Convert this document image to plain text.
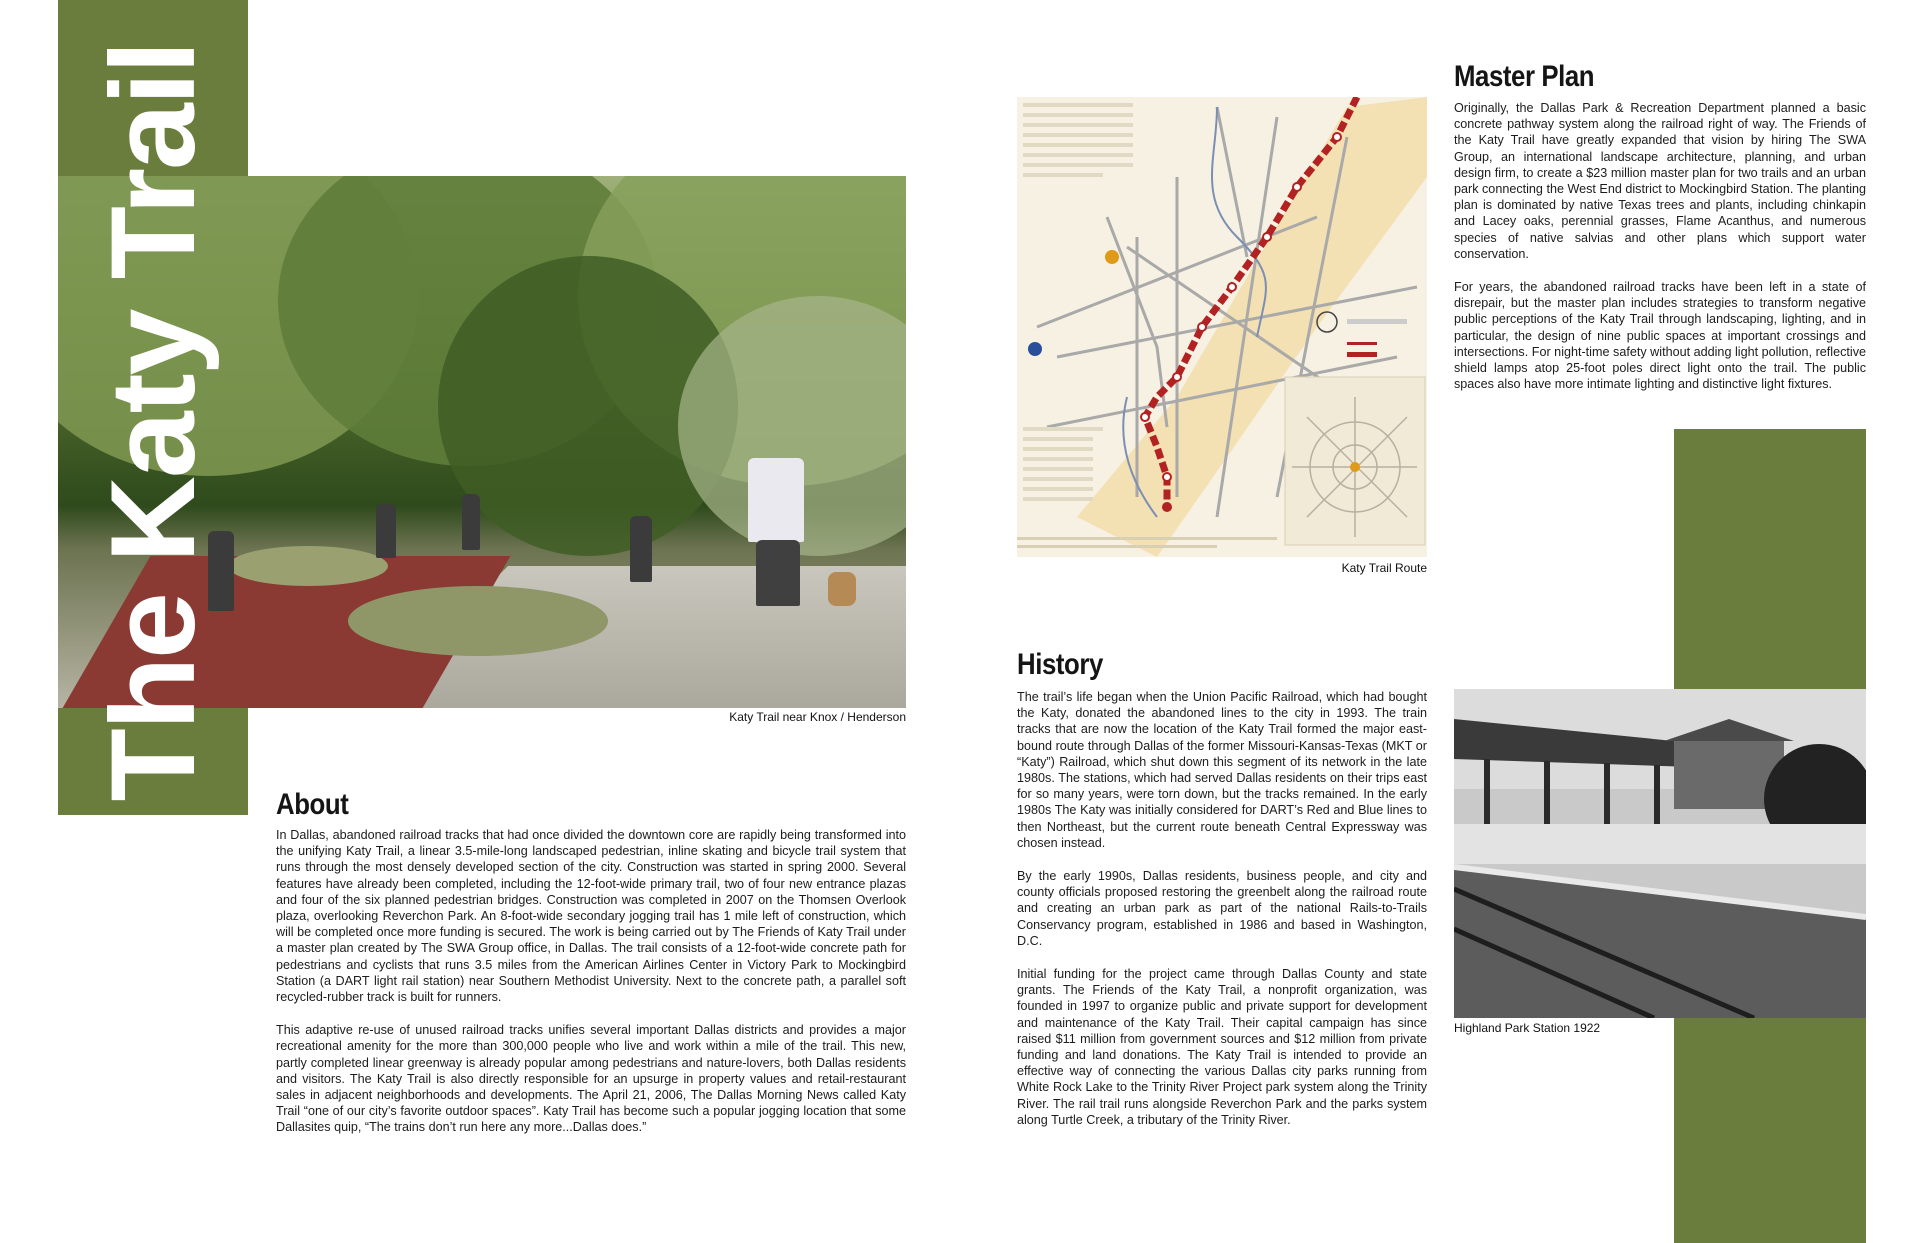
Katy Trail near Knox / Henderson
The Katy Trail
About

In Dallas, abandoned railroad tracks that had once divided the downtown core are rapidly being transformed into the unifying Katy Trail, a linear 3.5-mile-long landscaped pedestrian, inline skating and bicycle trail system that runs through the most densely developed section of the city. Construction was started in spring 2000. Several features have already been completed, including the 12-foot-wide primary trail, two of four new entrance plazas and four of the six planned pedestrian bridges. Construction was completed in 2007 on the Thomsen Overlook plaza, overlooking Reverchon Park. An 8-foot-wide secondary jogging trail has 1 mile left of construction, which will be completed once more funding is secured. The work is being carried out by The Friends of Katy Trail under a master plan created by The SWA Group office, in Dallas. The trail consists of a 12-foot-wide concrete path for pedestrians and cyclists that runs 3.5 miles from the American Airlines Center in Victory Park to Mockingbird Station (a DART light rail station) near Southern Methodist University. Next to the concrete path, a parallel soft recycled-rubber track is built for runners.

This adaptive re-use of unused railroad tracks unifies several important Dallas districts and provides a major recreational amenity for the more than 300,000 people who live and work within a mile of the trail. This new, partly completed linear greenway is already popular among pedestrians and nature-lovers, both Dallas residents and visitors. The Katy Trail is also directly responsible for an upsurge in property values and retail-restaurant sales in adjacent neighborhoods and developments. The April 21, 2006, The Dallas Morning News called Katy Trail “one of our city’s favorite outdoor spaces”. Katy Trail has become such a popular jogging location that some Dallasites quip, “The trains don’t run here any more...Dallas does.”

Katy Trail Route
Master Plan

Originally, the Dallas Park & Recreation Department planned a basic concrete pathway system along the railroad right of way. The Friends of the Katy Trail have greatly expanded that vision by hiring The SWA Group, an international landscape architecture, planning, and urban design firm, to create a $23 million master plan for two trails and an urban park connecting the West End district to Mockingbird Station. The planting plan is dominated by native Texas trees and plants, including chinkapin and Lacey oaks, perennial grasses, Flame Acanthus, and numerous species of native salvias and other plans which support water conservation.

For years, the abandoned railroad tracks have been left in a state of disrepair, but the master plan includes strategies to transform negative public perceptions of the Katy Trail through landscaping, lighting, and in particular, the design of nine public spaces at important crossings and intersections. For night-time safety without adding light pollution, reflective shield lamps atop 25-foot poles direct light onto the trail. The public spaces also have more intimate lighting and distinctive light fixtures.

Highland Park Station 1922
History

The trail’s life began when the Union Pacific Railroad, which had bought the Katy, donated the abandoned lines to the city in 1993. The train tracks that are now the location of the Katy Trail formed the major east-bound route through Dallas of the former Missouri-Kansas-Texas (MKT or “Katy”) Railroad, which shut down this segment of its network in the late 1980s. The stations, which had served Dallas residents on their trips east for so many years, were torn down, but the tracks remained. In the early 1980s The Katy was initially considered for DART’s Red and Blue lines to then Northeast, but the current route beneath Central Expressway was chosen instead.

By the early 1990s, Dallas residents, business people, and city and county officials proposed restoring the greenbelt along the railroad route and creating an urban park as part of the national Rails-to-Trails Conservancy program, established in 1986 and based in Washington, D.C.

Initial funding for the project came through Dallas County and state grants. The Friends of the Katy Trail, a nonprofit organization, was founded in 1997 to organize public and private support for development and maintenance of the Katy Trail. Their capital campaign has since raised $11 million from government sources and $12 million from private funding and land donations. The Katy Trail is intended to provide an effective way of connecting the various Dallas city parks running from White Rock Lake to the Trinity River Project park system along the Trinity River. The rail trail runs alongside Reverchon Park and the parks system along Turtle Creek, a tributary of the Trinity River.
